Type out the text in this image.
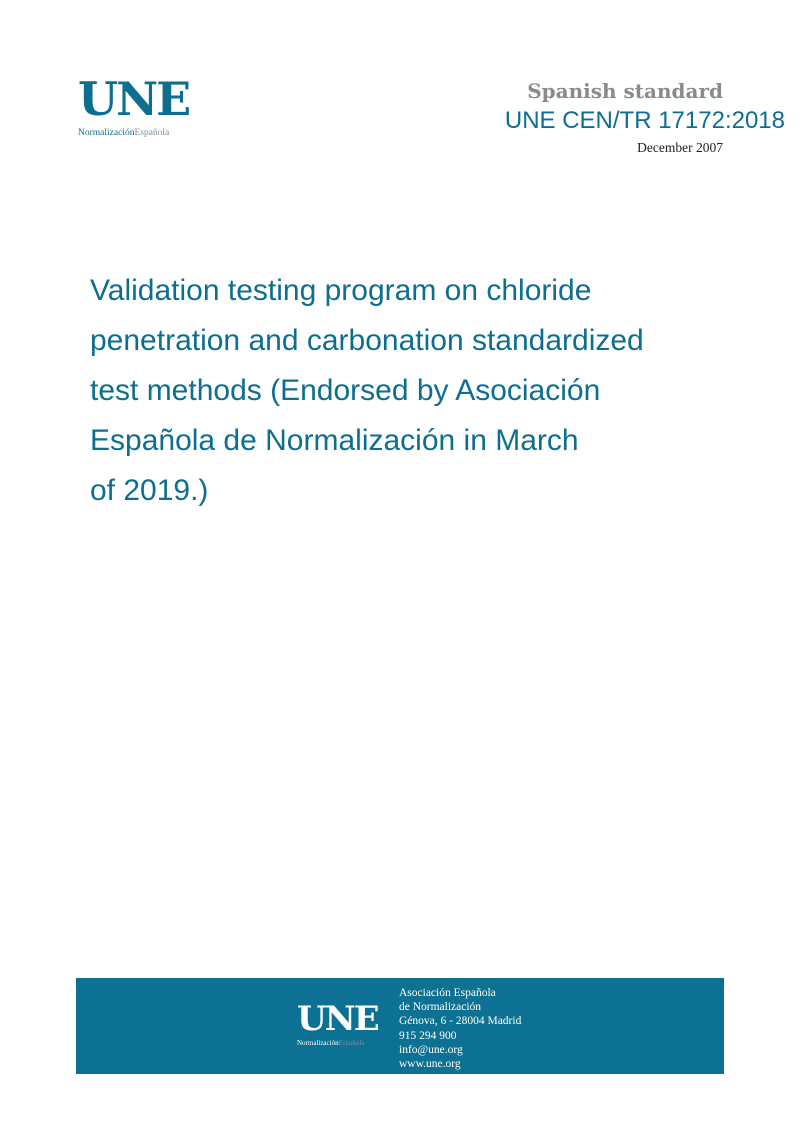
UNE
NormalizaciónEspañola
Spanish standard
UNE CEN/TR 17172:2018
December 2007
Validation testing program on chloride
penetration and carbonation standardized
test methods (Endorsed by Asociación
Española de Normalización in March
of 2019.)
UNE
NormalizaciónEspañola
Asociación Española
de Normalización
Génova, 6 - 28004 Madrid
915 294 900
info@une.org
www.une.org
